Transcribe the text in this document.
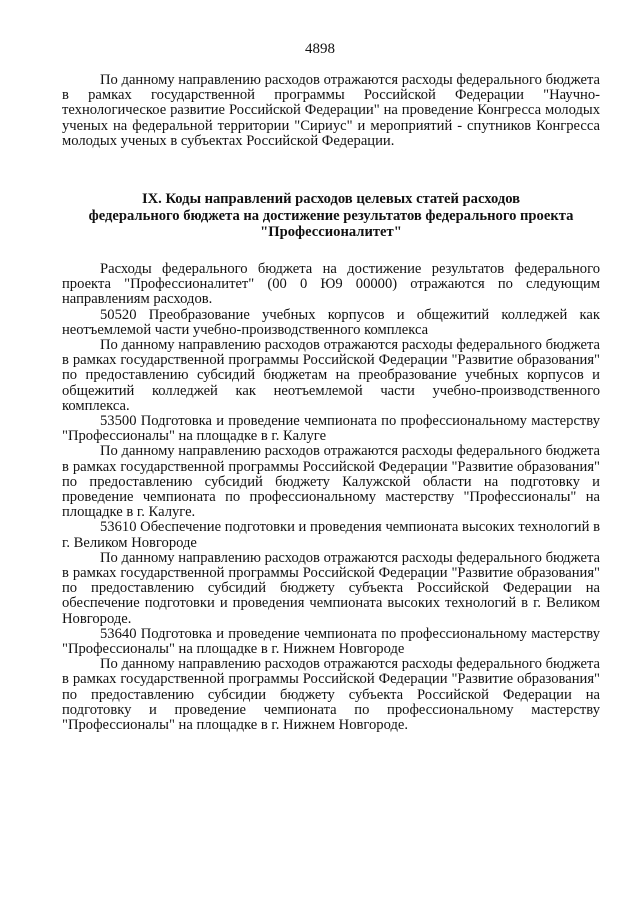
4898

По данному направлению расходов отражаются расходы федерального бюджета в рамках государственной программы Российской Федерации "Научно-технологическое развитие Российской Федерации" на проведение Конгресса молодых ученых на федеральной территории "Сириус" и мероприятий - спутников Конгресса молодых ученых в субъектах Российской Федерации.

IX. Коды направлений расходов целевых статей расходов
федерального бюджета на достижение результатов федерального проекта
"Профессионалитет"

Расходы федерального бюджета на достижение результатов федерального проекта "Профессионалитет" (00 0 Ю9 00000) отражаются по следующим направлениям расходов.

50520 Преобразование учебных корпусов и общежитий колледжей как неотъемлемой части учебно-производственного комплекса

По данному направлению расходов отражаются расходы федерального бюджета в рамках государственной программы Российской Федерации "Развитие образования" по предоставлению субсидий бюджетам на преобразование учебных корпусов и общежитий колледжей как неотъемлемой части учебно-производственного комплекса.

53500 Подготовка и проведение чемпионата по профессиональному мастерству "Профессионалы" на площадке в г. Калуге

По данному направлению расходов отражаются расходы федерального бюджета в рамках государственной программы Российской Федерации "Развитие образования" по предоставлению субсидий бюджету Калужской области на подготовку и проведение чемпионата по профессиональному мастерству "Профессионалы" на площадке в г. Калуге.

53610 Обеспечение подготовки и проведения чемпионата высоких технологий в г. Великом Новгороде

По данному направлению расходов отражаются расходы федерального бюджета в рамках государственной программы Российской Федерации "Развитие образования" по предоставлению субсидий бюджету субъекта Российской Федерации на обеспечение подготовки и проведения чемпионата высоких технологий в г. Великом Новгороде.

53640 Подготовка и проведение чемпионата по профессиональному мастерству "Профессионалы" на площадке в г. Нижнем Новгороде

По данному направлению расходов отражаются расходы федерального бюджета в рамках государственной программы Российской Федерации "Развитие образования" по предоставлению субсидии бюджету субъекта Российской Федерации на подготовку и проведение чемпионата по профессиональному мастерству "Профессионалы" на площадке в г. Нижнем Новгороде.
